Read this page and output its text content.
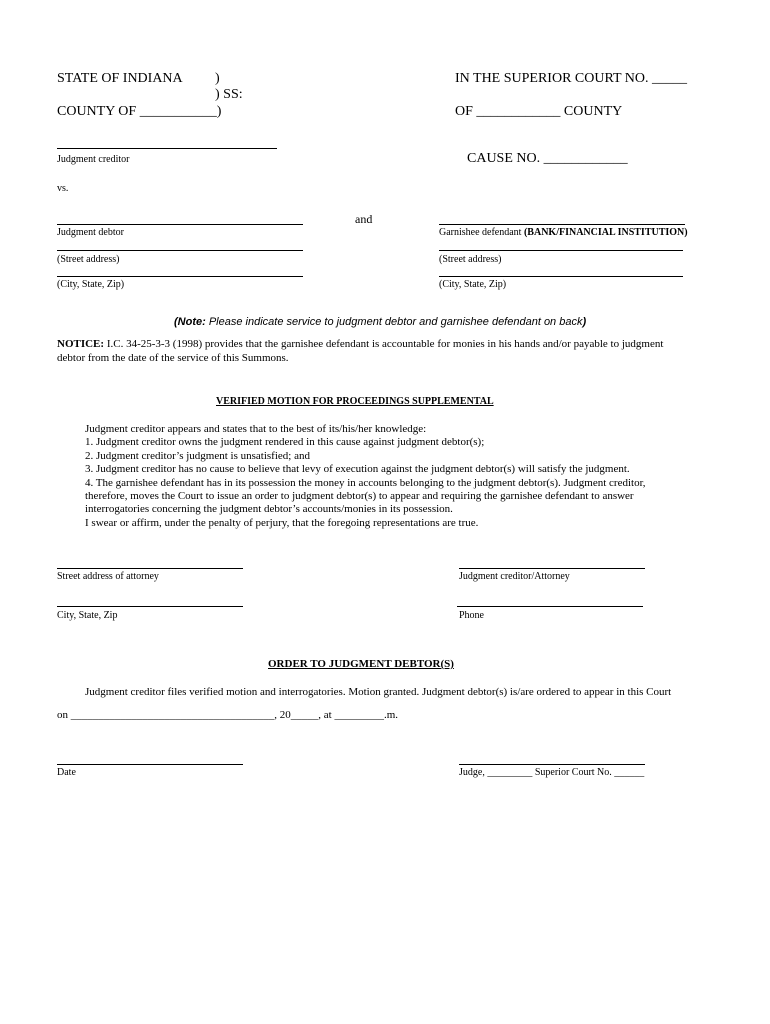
STATE OF INDIANA )
) SS:
COUNTY OF ___________)
IN THE SUPERIOR COURT NO. _____
OF ____________ COUNTY
Judgment creditor	CAUSE NO. ____________
vs.
and
Judgment debtor
(Street address)
(City, State, Zip)
Garnishee defendant (BANK/FINANCIAL INSTITUTION)
(Street address)
(City, State, Zip)
(Note: Please indicate service to judgment debtor and garnishee defendant on back)
NOTICE: I.C. 34-25-3-3 (1998) provides that the garnishee defendant is accountable for monies in his hands and/or payable to judgment
debtor from the date of the service of this Summons.
VERIFIED MOTION FOR PROCEEDINGS SUPPLEMENTAL
Judgment creditor appears and states that to the best of its/his/her knowledge:
1. Judgment creditor owns the judgment rendered in this cause against judgment debtor(s);
2. Judgment creditor’s judgment is unsatisfied; and
3. Judgment creditor has no cause to believe that levy of execution against the judgment debtor(s) will satisfy the judgment.
4. The garnishee defendant has in its possession the money in accounts belonging to the judgment debtor(s). Judgment creditor,
therefore, moves the Court to issue an order to judgment debtor(s) to appear and requiring the garnishee defendant to answer
interrogatories concerning the judgment debtor’s accounts/monies in its possession.
I swear or affirm, under the penalty of perjury, that the foregoing representations are true.
Street address of attorney	Judgment creditor/Attorney
City, State, Zip	Phone
ORDER TO JUDGMENT DEBTOR(S)
Judgment creditor files verified motion and interrogatories. Motion granted. Judgment debtor(s) is/are ordered to appear in this Court
on _____________________________________, 20_____, at _________.m.
Date	Judge, _________ Superior Court No. ______
